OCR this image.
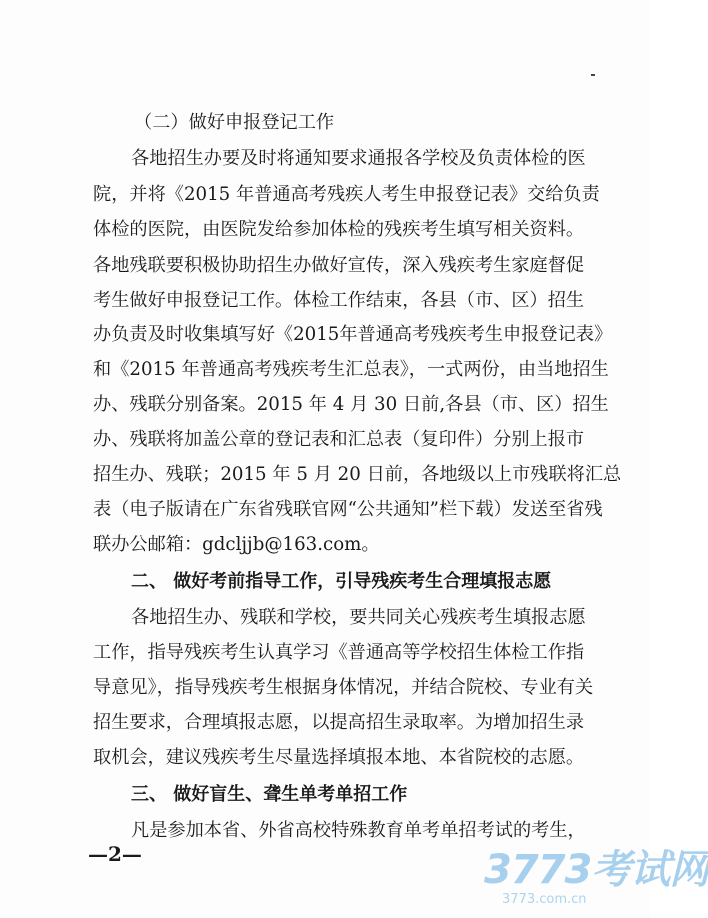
（二）做好申报登记工作
各地招生办要及时将通知要求通报各学校及负责体检的医
院，并将《2015 年普通高考残疾人考生申报登记表》交给负责
体检的医院，由医院发给参加体检的残疾考生填写相关资料。
各地残联要积极协助招生办做好宣传，深入残疾考生家庭督促
考生做好申报登记工作。体检工作结束，各县（市、区）招生
办负责及时收集填写好《2015年普通高考残疾考生申报登记表》
和《2015 年普通高考残疾考生汇总表》，一式两份，由当地招生
办、残联分别备案。2015 年 4 月 30 日前,各县（市、区）招生
办、残联将加盖公章的登记表和汇总表（复印件）分别上报市
招生办、残联；2015 年 5 月 20 日前，各地级以上市残联将汇总
表（电子版请在广东省残联官网“公共通知”栏下载）发送至省残
联办公邮箱：gdcljjb@163.com。
二、 做好考前指导工作，引导残疾考生合理填报志愿
各地招生办、残联和学校，要共同关心残疾考生填报志愿
工作，指导残疾考生认真学习《普通高等学校招生体检工作指
导意见》，指导残疾考生根据身体情况，并结合院校、专业有关
招生要求，合理填报志愿，以提高招生录取率。为增加招生录
取机会，建议残疾考生尽量选择填报本地、本省院校的志愿。
三、 做好盲生、聋生单考单招工作
凡是参加本省、外省高校特殊教育单考单招考试的考生，
—2—	3773考试网
3773.com.cn
